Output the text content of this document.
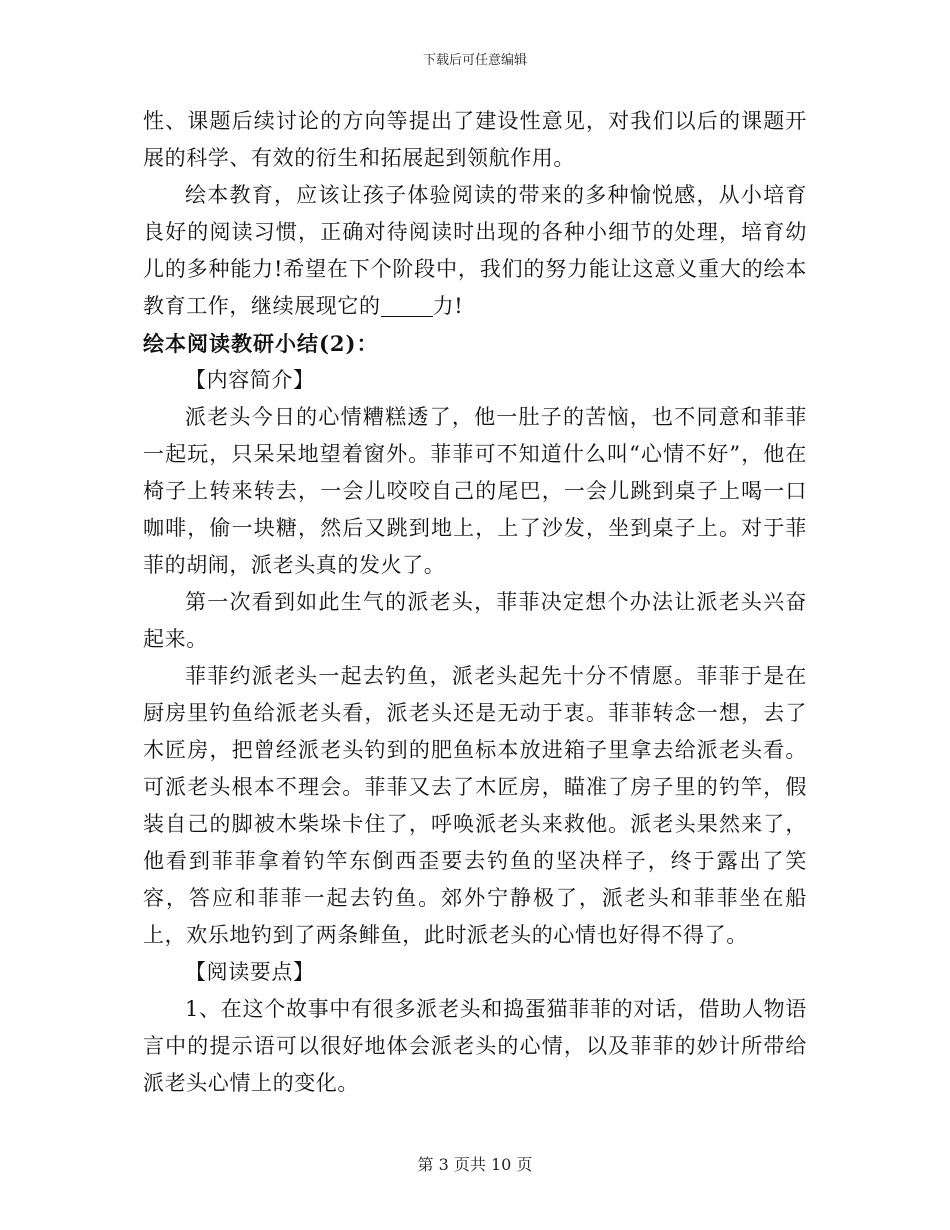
下载后可任意编辑

性、课题后续讨论的方向等提出了建设性意见，对我们以后的课题开展的科学、有效的衍生和拓展起到领航作用。

绘本教育，应该让孩子体验阅读的带来的多种愉悦感，从小培育良好的阅读习惯，正确对待阅读时出现的各种小细节的处理，培育幼儿的多种能力!希望在下个阶段中，我们的努力能让这意义重大的绘本教育工作，继续展现它的 力!

绘本阅读教研小结(2)：

【内容简介】

派老头今日的心情糟糕透了，他一肚子的苦恼，也不同意和菲菲一起玩，只呆呆地望着窗外。菲菲可不知道什么叫“心情不好”，他在椅子上转来转去，一会儿咬咬自己的尾巴，一会儿跳到桌子上喝一口咖啡，偷一块糖，然后又跳到地上，上了沙发，坐到桌子上。对于菲菲的胡闹，派老头真的发火了。

第一次看到如此生气的派老头，菲菲决定想个办法让派老头兴奋起来。

菲菲约派老头一起去钓鱼，派老头起先十分不情愿。菲菲于是在厨房里钓鱼给派老头看，派老头还是无动于衷。菲菲转念一想，去了木匠房，把曾经派老头钓到的肥鱼标本放进箱子里拿去给派老头看。可派老头根本不理会。菲菲又去了木匠房，瞄准了房子里的钓竿，假装自己的脚被木柴垛卡住了，呼唤派老头来救他。派老头果然来了，他看到菲菲拿着钓竿东倒西歪要去钓鱼的坚决样子，终于露出了笑容，答应和菲菲一起去钓鱼。郊外宁静极了，派老头和菲菲坐在船上，欢乐地钓到了两条鲱鱼，此时派老头的心情也好得不得了。

【阅读要点】

1、在这个故事中有很多派老头和捣蛋猫菲菲的对话，借助人物语言中的提示语可以很好地体会派老头的心情，以及菲菲的妙计所带给派老头心情上的变化。

第 3 页共 10 页
